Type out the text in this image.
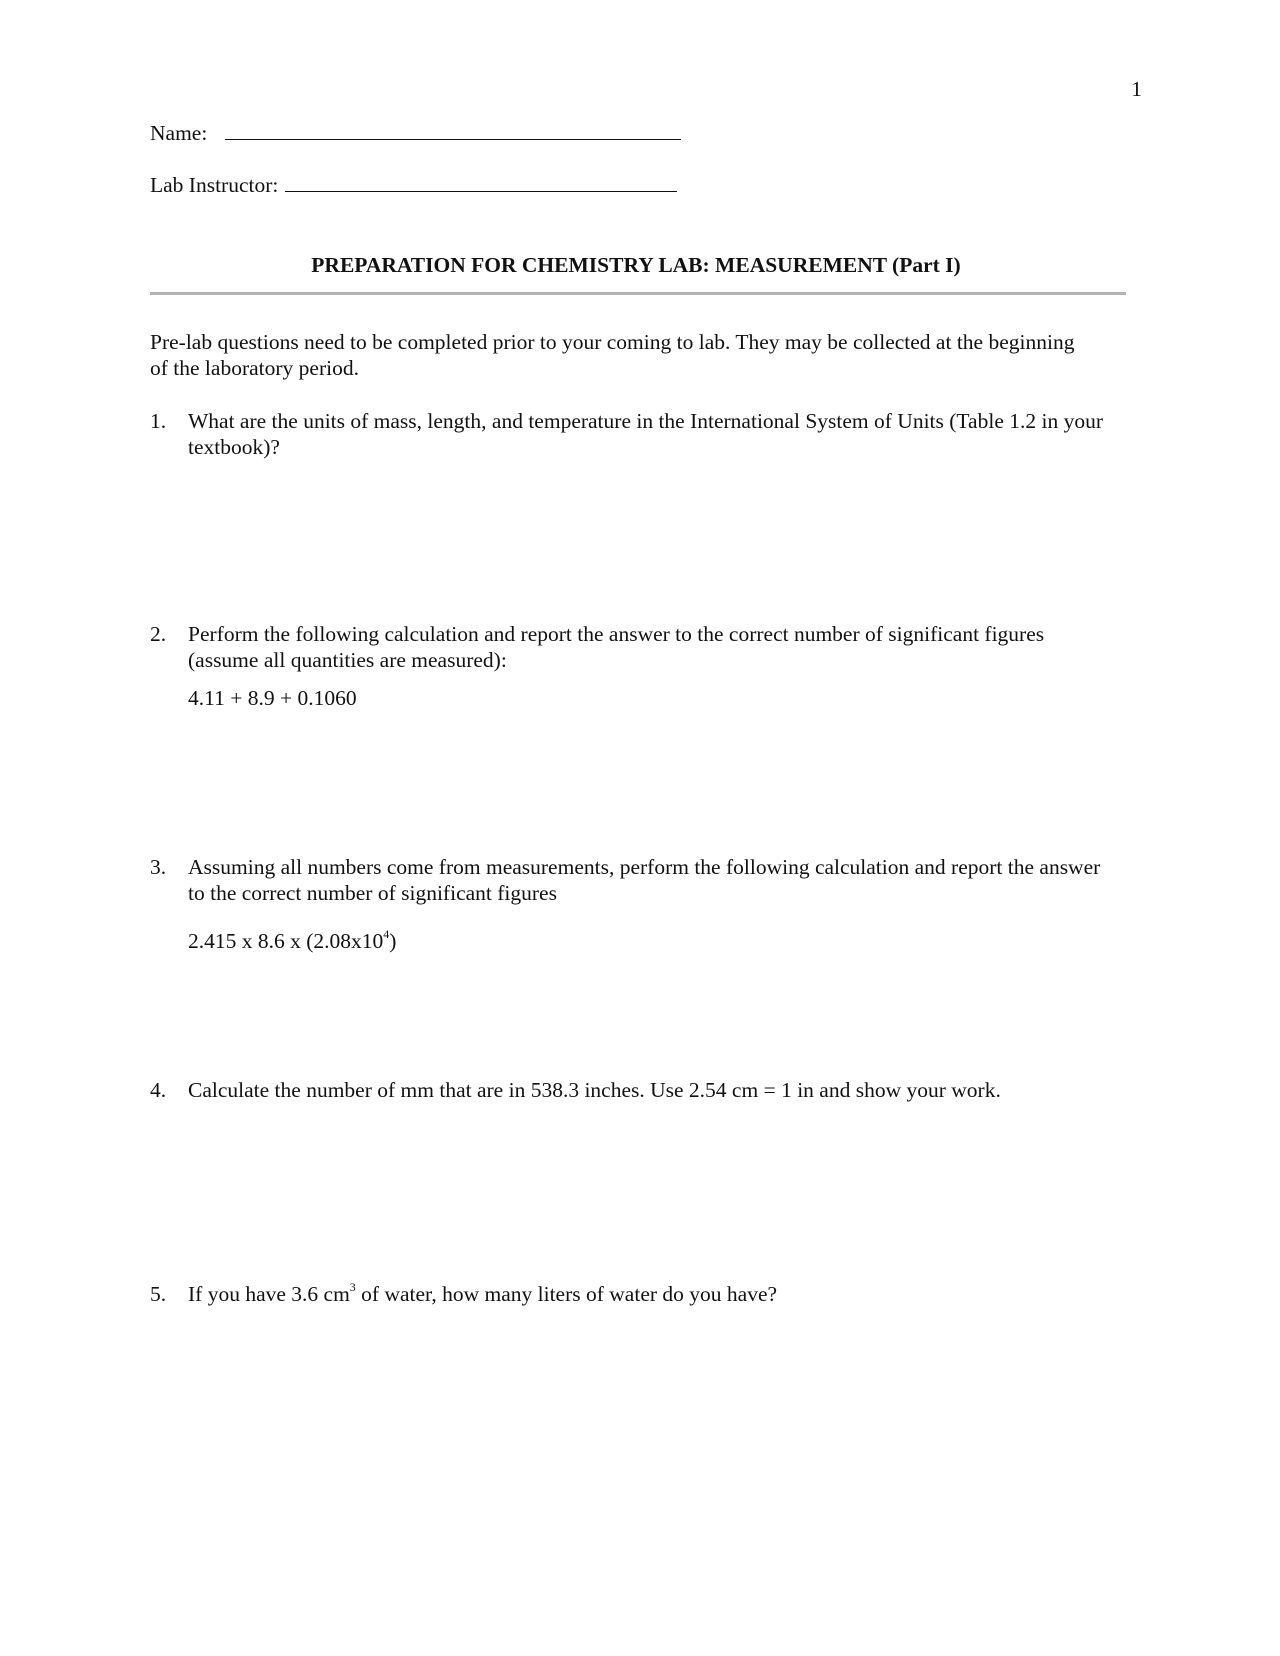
1
Name:
Lab Instructor:
PREPARATION FOR CHEMISTRY LAB: MEASUREMENT (Part I)
Pre-lab questions need to be completed prior to your coming to lab. They may be collected at the beginning of the laboratory period.
1.	What are the units of mass, length, and temperature in the International System of Units (Table 1.2 in your textbook)?
2.	Perform the following calculation and report the answer to the correct number of significant figures (assume all quantities are measured):
4.11 + 8.9 + 0.1060
3.	Assuming all numbers come from measurements, perform the following calculation and report the answer to the correct number of significant figures
2.415 x 8.6 x $(2.08x10^4)$
4.	Calculate the number of mm that are in 538.3 inches. Use 2.54 cm = 1 in and show your work.
5.	If you have 3.6 $cm^3$ of water, how many liters of water do you have?
